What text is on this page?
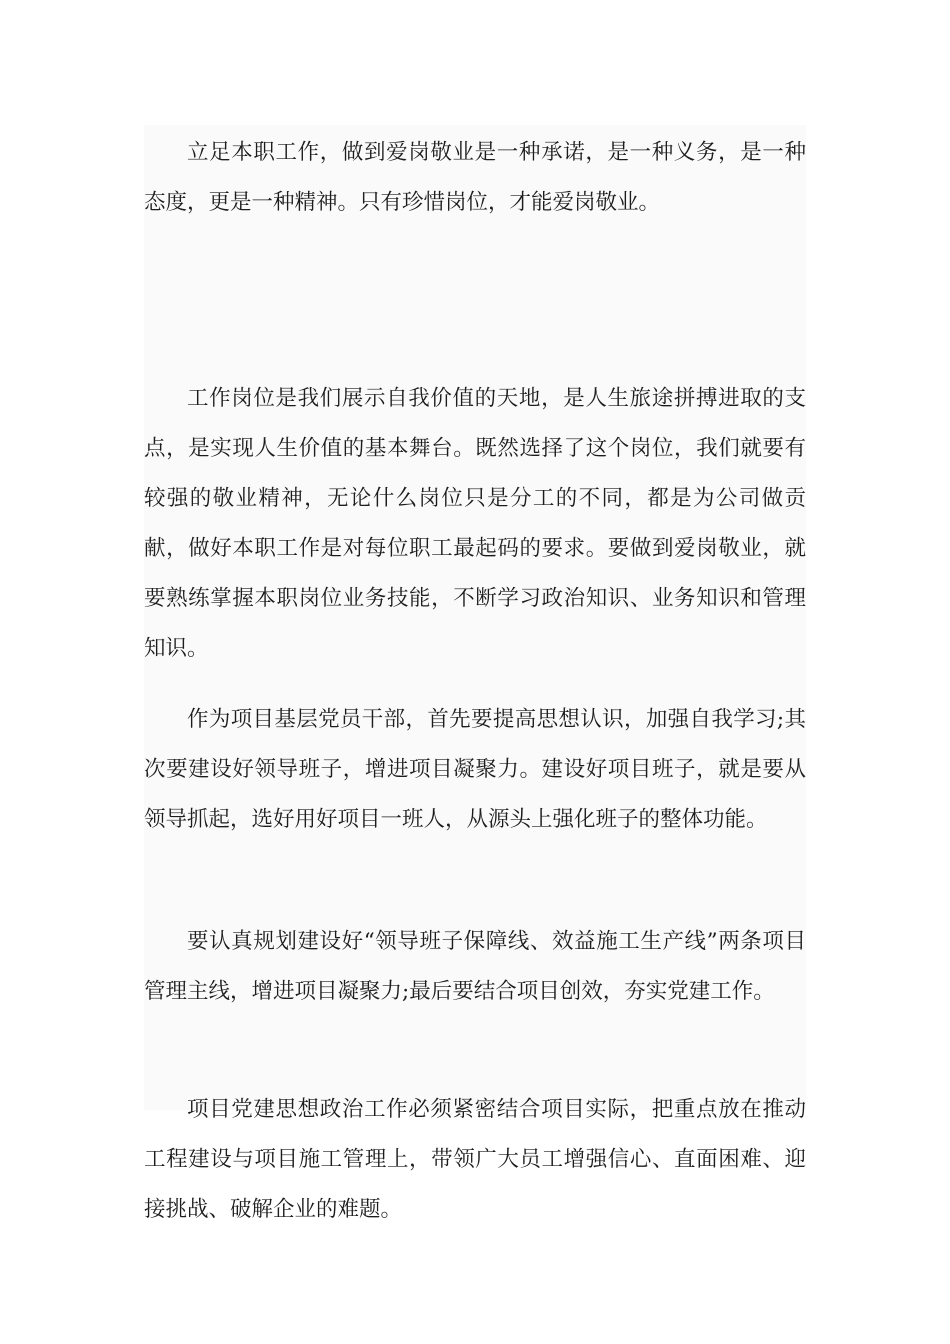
立足本职工作，做到爱岗敬业是一种承诺，是一种义务，是一种态度，更是一种精神。只有珍惜岗位，才能爱岗敬业。

工作岗位是我们展示自我价值的天地，是人生旅途拼搏进取的支点，是实现人生价值的基本舞台。既然选择了这个岗位，我们就要有较强的敬业精神，无论什么岗位只是分工的不同，都是为公司做贡献，做好本职工作是对每位职工最起码的要求。要做到爱岗敬业，就要熟练掌握本职岗位业务技能，不断学习政治知识、业务知识和管理知识。

作为项目基层党员干部，首先要提高思想认识，加强自我学习;其次要建设好领导班子，增进项目凝聚力。建设好项目班子，就是要从领导抓起，选好用好项目一班人，从源头上强化班子的整体功能。

要认真规划建设好“领导班子保障线、效益施工生产线”两条项目管理主线，增进项目凝聚力;最后要结合项目创效，夯实党建工作。

项目党建思想政治工作必须紧密结合项目实际，把重点放在推动工程建设与项目施工管理上，带领广大员工增强信心、直面困难、迎接挑战、破解企业的难题。
